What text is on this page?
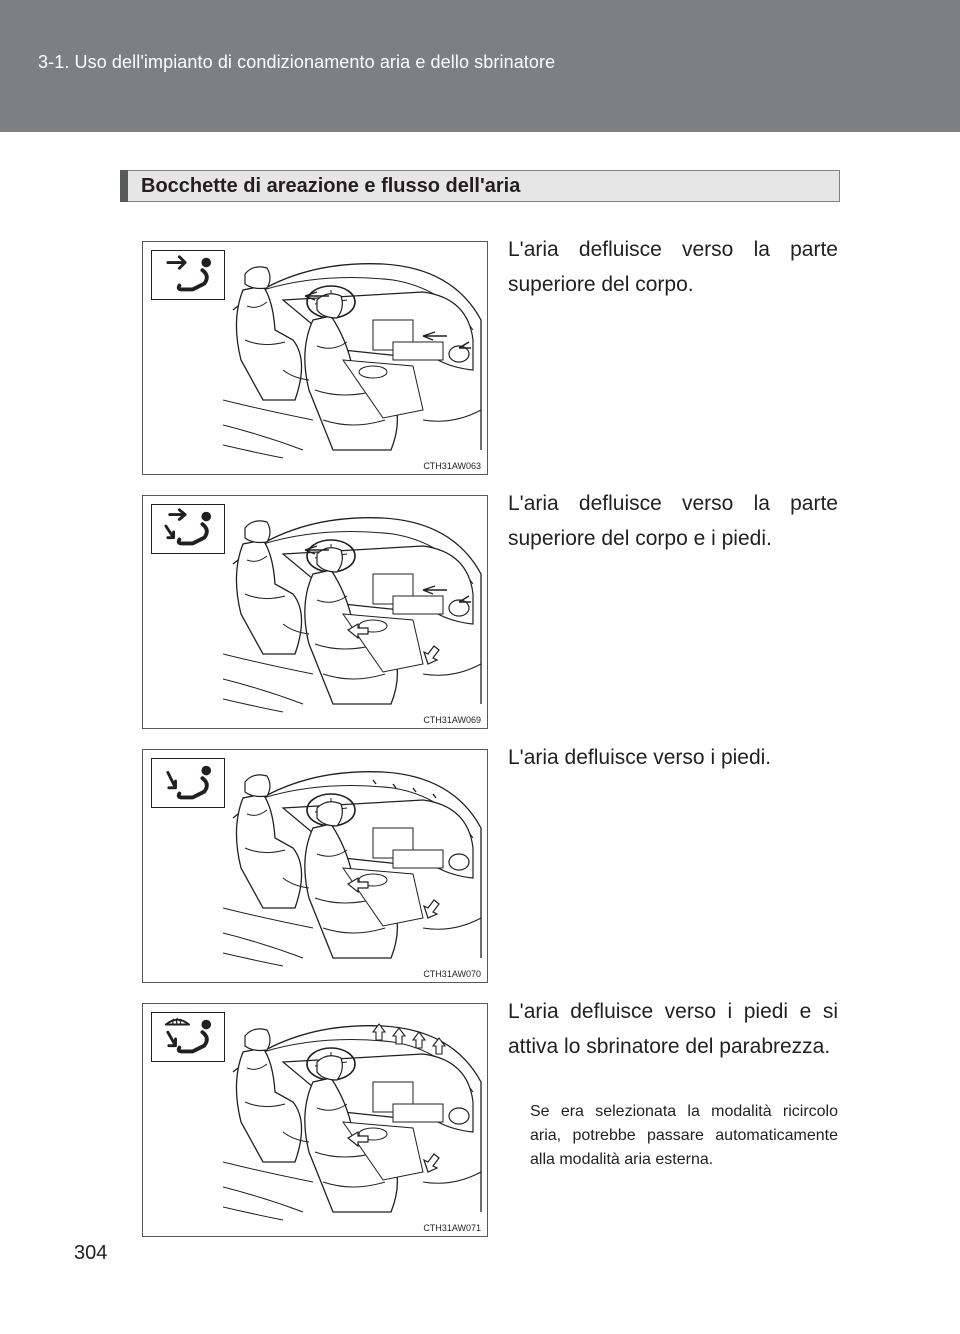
3-1. Uso dell'impianto di condizionamento aria e dello sbrinatore
Bocchette di areazione e flusso dell'aria
CTH31AW063
L'aria defluisce verso la parte superiore del corpo.
CTH31AW069
L'aria defluisce verso la parte superiore del corpo e i piedi.
CTH31AW070
L'aria defluisce verso i piedi.
CTH31AW071
L'aria defluisce verso i piedi e si attiva lo sbrinatore del parabrezza.
Se era selezionata la modalità ricircolo aria, potrebbe passare automaticamente alla modalità aria esterna.
304
